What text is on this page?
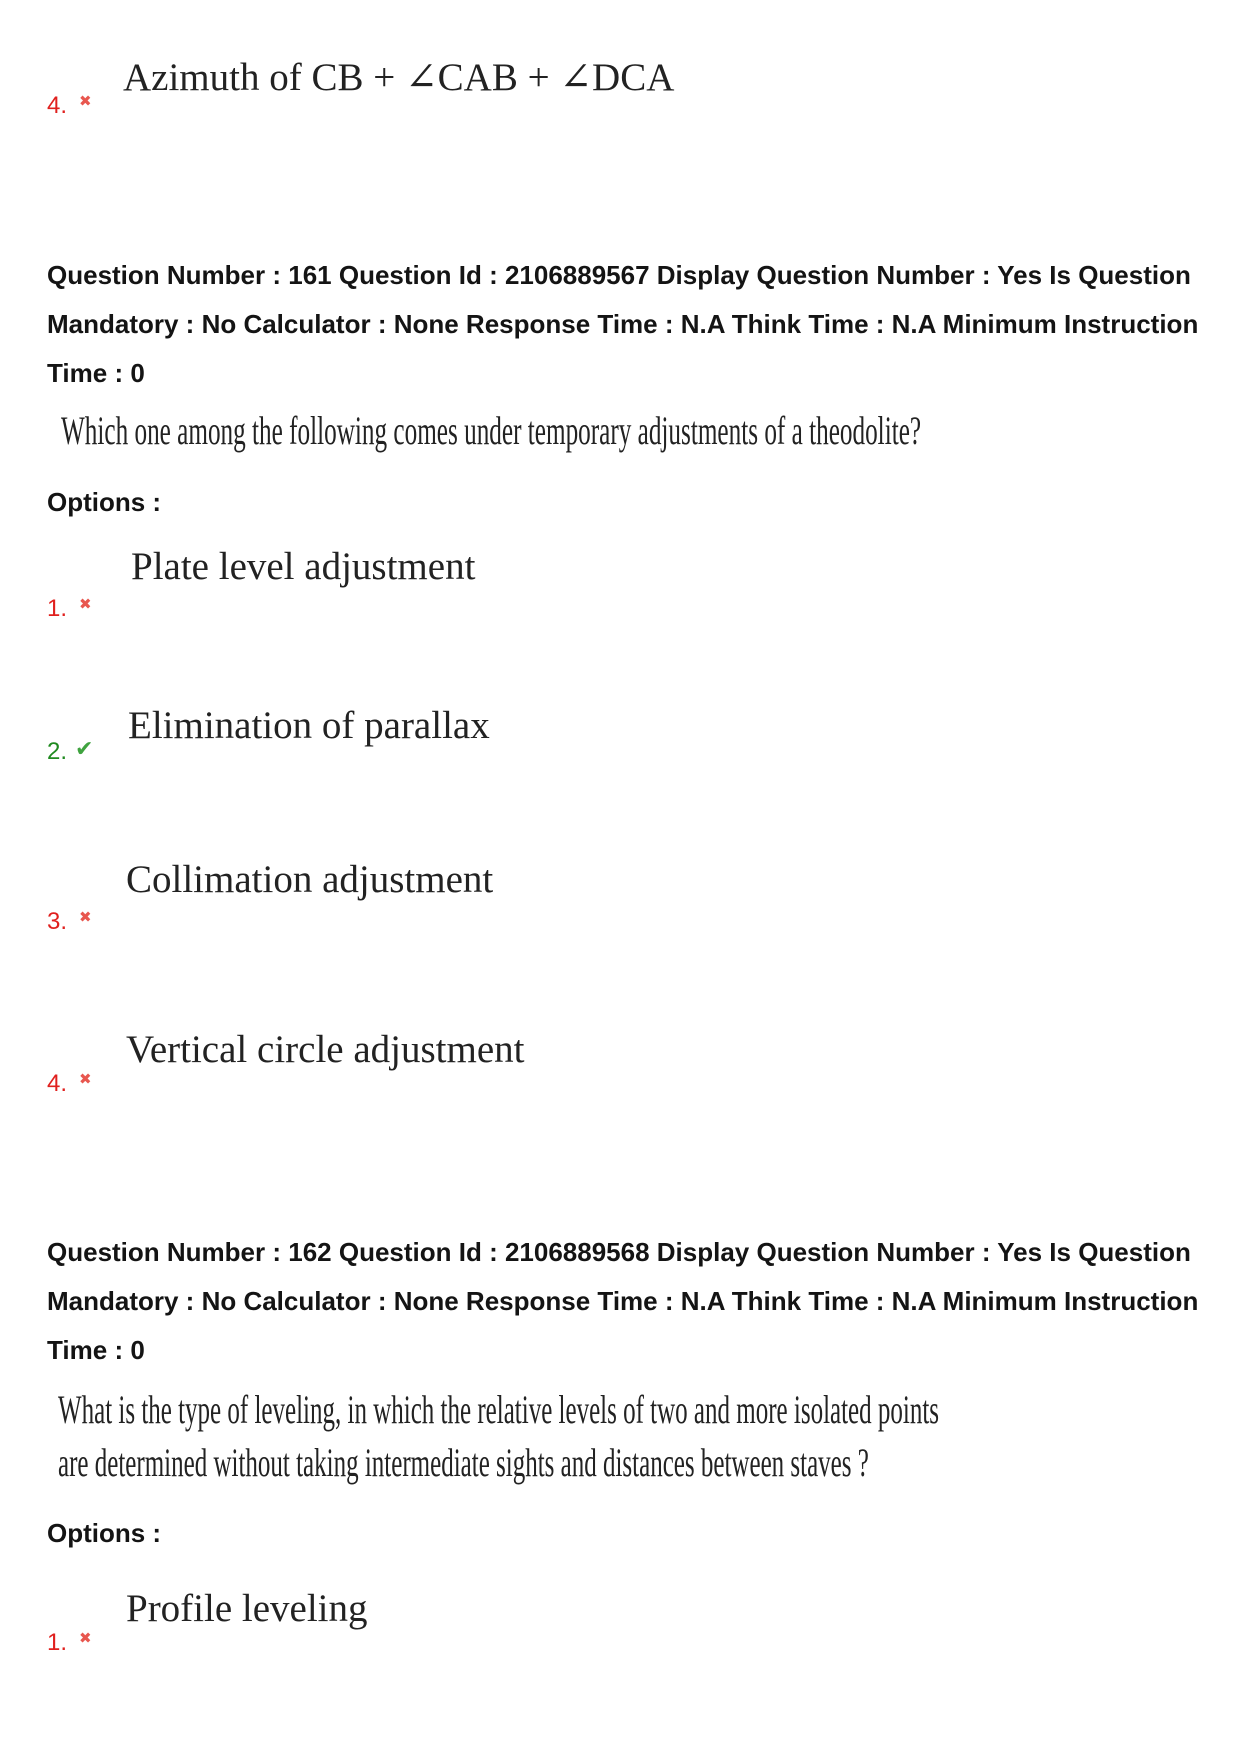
Azimuth of CB + ∠CAB + ∠DCA
4.
✖
Question Number : 161 Question Id : 2106889567 Display Question Number : Yes Is Question
Mandatory : No Calculator : None Response Time : N.A Think Time : N.A Minimum Instruction
Time : 0
Which one among the following comes under temporary adjustments of a theodolite?
Options :
Plate level adjustment
1.
✖
Elimination of parallax
2.
✔
Collimation adjustment
3.
✖
Vertical circle adjustment
4.
✖
Question Number : 162 Question Id : 2106889568 Display Question Number : Yes Is Question
Mandatory : No Calculator : None Response Time : N.A Think Time : N.A Minimum Instruction
Time : 0
What is the type of leveling, in which the relative levels of two and more isolated points
are determined without taking intermediate sights and distances between staves ?
Options :
Profile leveling
1.
✖
